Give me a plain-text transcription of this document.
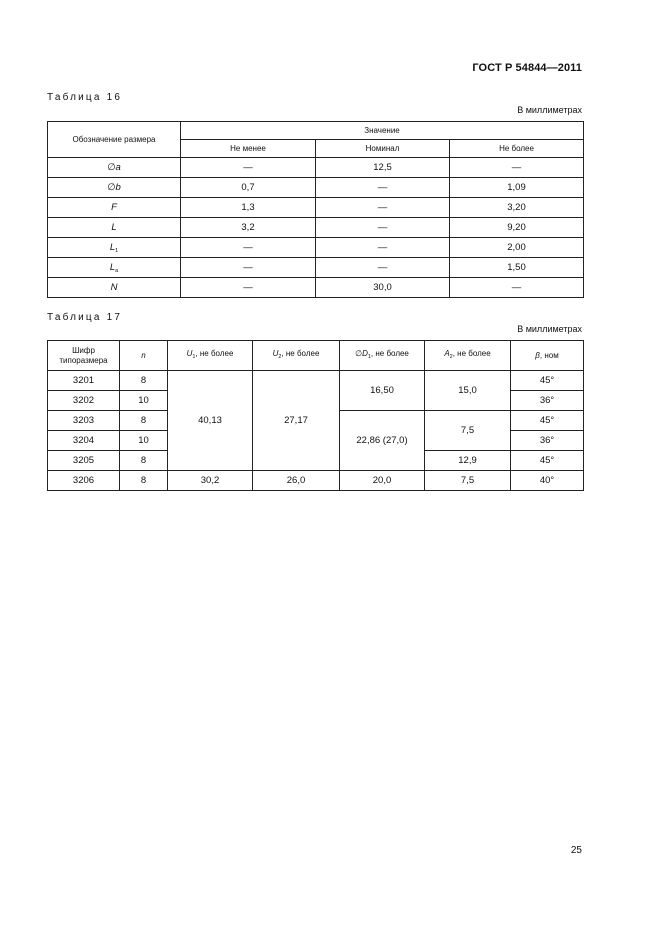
ГОСТ Р 54844—2011
Таблица 16
В миллиметрах
Обозначение размера	Значение		
	Не менее	Номинал	Не более
∅a	—	12,5	—
∅b	0,7	—	1,09
F	1,3	—	3,20
L	3,2	—	9,20
$L_1$	—	—	2,00
$L_a$	—	—	1,50
N	—	30,0	—
Таблица 17
В миллиметрах
Шифр типоразмера	n	$U_1$, не более	$U_2$, не более	$\emptyset D_1$, не более	$A_2$, не более	β, ном
3201	8	40,13	27,17	16,50	15,0	45°
3202	10					36°
3203	8			22,86 (27,0)	7,5	45°
3204	10					36°
3205	8				12,9	45°
3206	8	30,2	26,0	20,0	7,5	40°
25
